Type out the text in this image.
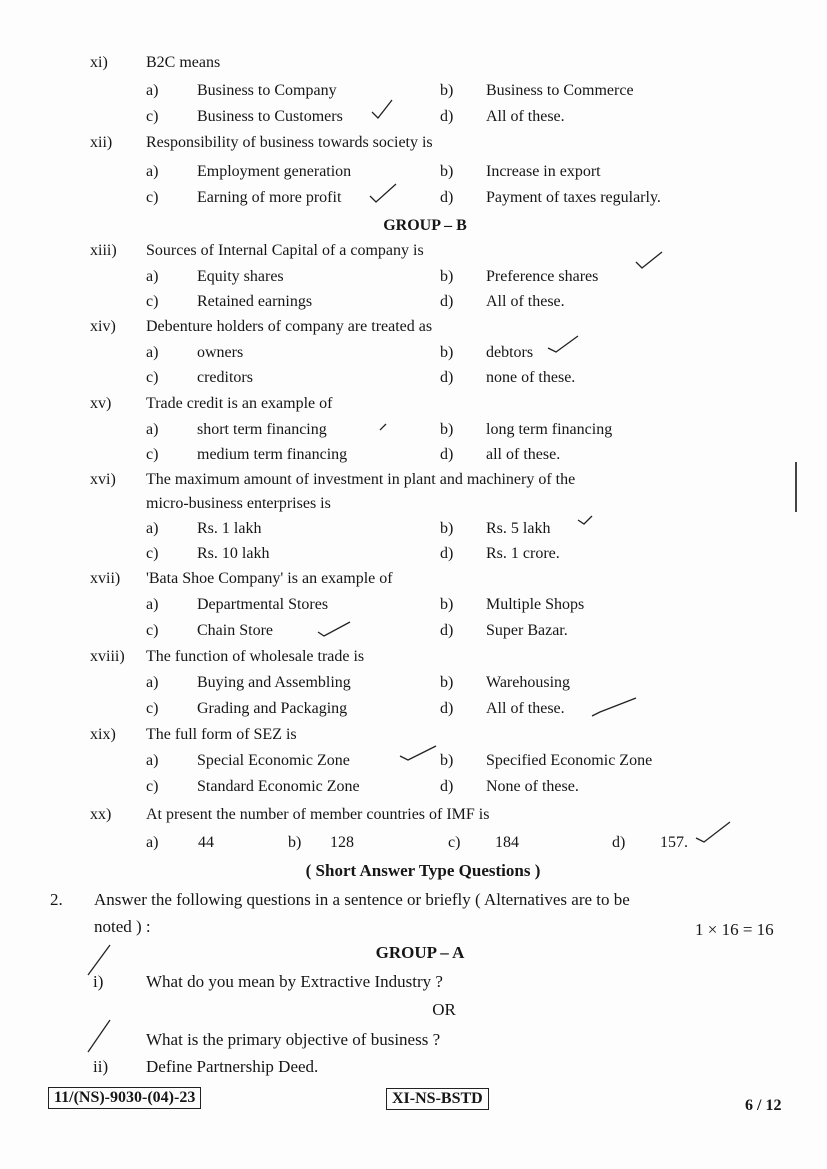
xi) B2C means
a) Business to Company	b) Business to Commerce
c) Business to Customers	d) All of these.
xii) Responsibility of business towards society is
a) Employment generation	b) Increase in export
c) Earning of more profit	d) Payment of taxes regularly.
GROUP – B
xiii) Sources of Internal Capital of a company is
a) Equity shares	b) Preference shares
c) Retained earnings	d) All of these.
xiv) Debenture holders of company are treated as
a) owners	b) debtors
c) creditors	d) none of these.
xv) Trade credit is an example of
a) short term financing	b) long term financing
c) medium term financing	d) all of these.
xvi) The maximum amount of investment in plant and machinery of the
micro-business enterprises is
a) Rs. 1 lakh	b) Rs. 5 lakh
c) Rs. 10 lakh	d) Rs. 1 crore.
xvii) 'Bata Shoe Company' is an example of
a) Departmental Stores	b) Multiple Shops
c) Chain Store	d) Super Bazar.
xviii) The function of wholesale trade is
a) Buying and Assembling	b) Warehousing
c) Grading and Packaging	d) All of these.
xix) The full form of SEZ is
a) Special Economic Zone	b) Specified Economic Zone
c) Standard Economic Zone	d) None of these.
xx) At present the number of member countries of IMF is
a) 44	b) 128	c) 184	d) 157.
( Short Answer Type Questions )
2. Answer the following questions in a sentence or briefly ( Alternatives are to be
noted ) :	1 × 16 = 16
GROUP – A
i)	What do you mean by Extractive Industry ?
OR
What is the primary objective of business ?
ii) Define Partnership Deed.
11/(NS)-9030-(04)-23	XI-NS-BSTD	6 / 12
